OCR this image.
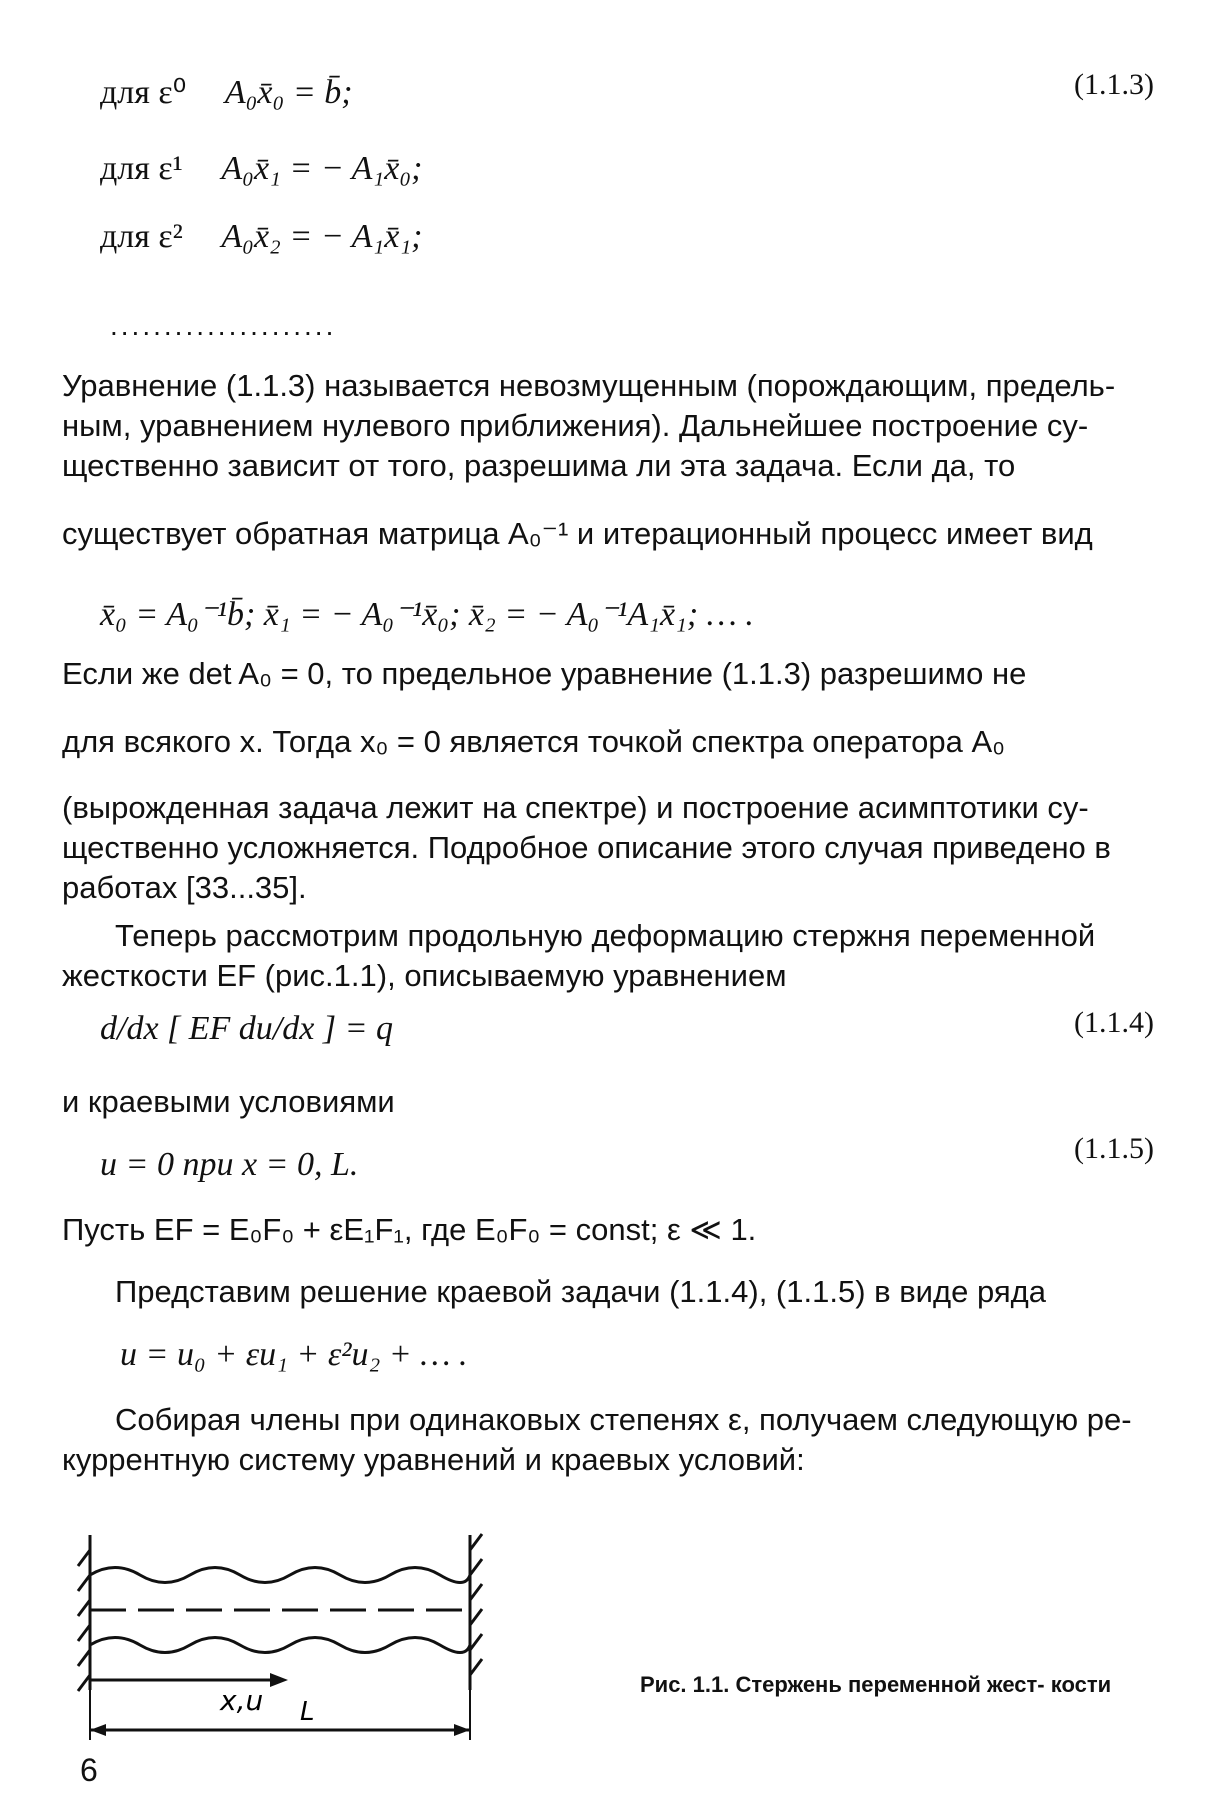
для ε⁰ A₀x̄₀ = b̄;	(1.1.3)
для ε¹ A₀x̄₁ = − A₁x̄₀;
для ε² A₀x̄₂ = − A₁x̄₁;
.....................
Уравнение (1.1.3) называется невозмущенным (порождающим, предель-
ным, уравнением нулевого приближения). Дальнейшее построение су-
щественно зависит от того, разрешима ли эта задача. Если да, то
существует обратная матрица A₀⁻¹ и итерационный процесс имеет вид
x̄₀ = A₀⁻¹b̄; x̄₁ = − A₀⁻¹x̄₀; x̄₂ = − A₀⁻¹A₁x̄₁; … .
Если же det A₀ = 0, то предельное уравнение (1.1.3) разрешимо не
для всякого x. Тогда x₀ = 0 является точкой спектра оператора A₀
(вырожденная задача лежит на спектре) и построение асимптотики су-
щественно усложняется. Подробное описание этого случая приведено в
работах [33...35].
Теперь рассмотрим продольную деформацию стержня переменной
жесткости EF (рис.1.1), описываемую уравнением
d/dx [ EF du/dx ] = q	(1.1.4)
и краевыми условиями
u = 0 при x = 0, L.	(1.1.5)
Пусть EF = E₀F₀ + εE₁F₁, где E₀F₀ = const; ε ≪ 1.
Представим решение краевой задачи (1.1.4), (1.1.5) в виде ряда
u = u₀ + εu₁ + ε²u₂ + … .
Собирая члены при одинаковых степенях ε, получаем следующую ре-
куррентную систему уравнений и краевых условий:
x,u L
Рис. 1.1. Стержень переменной жест- кости
6
